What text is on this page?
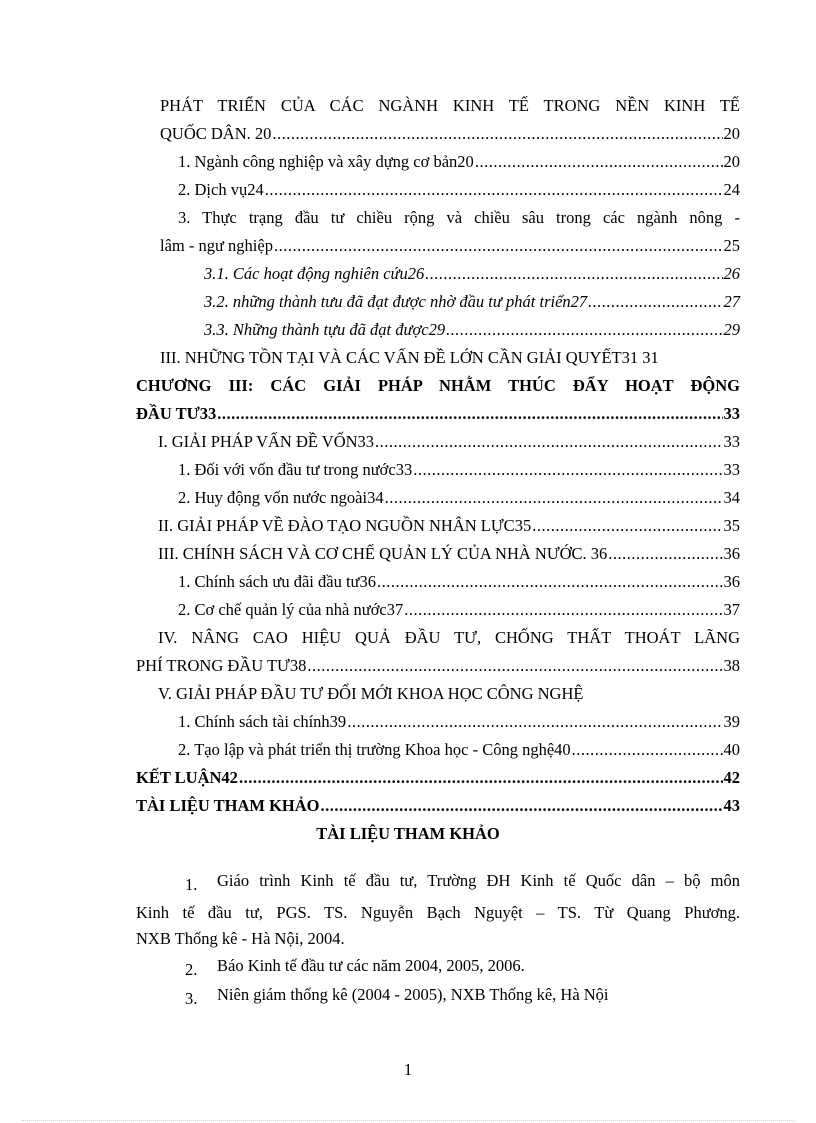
PHÁT TRIỂN CỦA CÁC NGÀNH KINH TẾ TRONG NỀN KINH TẾ
QUỐC DÂN. 20 .....	20
1. Ngành công nghiệp và xây dựng cơ bản20 .....	20
2. Dịch vụ24 .....	24
3. Thực trạng đầu tư chiều rộng và chiều sâu trong các ngành nông -
lâm - ngư nghiệp .....	25
3.1. Các hoạt động nghiên cứu26 .....	26
3.2. những thành tưu đã đạt được nhờ đầu tư phát triển27 .....	27
3.3. Những thành tựu đã đạt được29 .....	29
III. NHỮNG TỒN TẠI VÀ CÁC VẤN ĐỀ LỚN CẦN GIẢI QUYẾT31 31
CHƯƠNG III: CÁC GIẢI PHÁP NHẰM THÚC ĐẨY HOẠT ĐỘNG
ĐẦU TƯ33 .....	33
I. GIẢI PHÁP VẤN ĐỀ VỐN33 .....	33
1. Đối với vốn đầu tư trong nước33 .....	33
2. Huy động vốn nước ngoài34 .....	34
II. GIẢI PHÁP VỀ ĐÀO TẠO NGUỒN NHÂN LỰC35 .....	35
III. CHÍNH SÁCH VÀ CƠ CHẾ QUẢN LÝ CỦA NHÀ NƯỚC. 36 .....	36
1. Chính sách ưu đãi đầu tư36 .....	36
2. Cơ chế quản lý của nhà nước37 .....	37
IV. NÂNG CAO HIỆU QUẢ ĐẦU TƯ, CHỐNG THẤT THOÁT LÃNG
PHÍ TRONG ĐẦU TƯ38 .....	38
V. GIẢI PHÁP ĐẦU TƯ ĐỔI MỚI KHOA HỌC CÔNG NGHỆ
1. Chính sách tài chính39 .....	39
2. Tạo lập và phát triển thị trường Khoa học - Công nghệ40 .....	40
KẾT LUẬN42 .....	42
TÀI LIỆU THAM KHẢO .....	43
TÀI LIỆU THAM KHẢO
1. Giáo trình Kinh tế đầu tư, Trường ĐH Kinh tế Quốc dân – bộ môn
Kinh tế đầu tư, PGS. TS. Nguyễn Bạch Nguyệt – TS. Từ Quang Phương.
NXB Thống kê - Hà Nội, 2004.
2. Báo Kinh tế đầu tư các năm 2004, 2005, 2006.
3. Niên giám thống kê (2004 - 2005), NXB Thống kê, Hà Nội
1
